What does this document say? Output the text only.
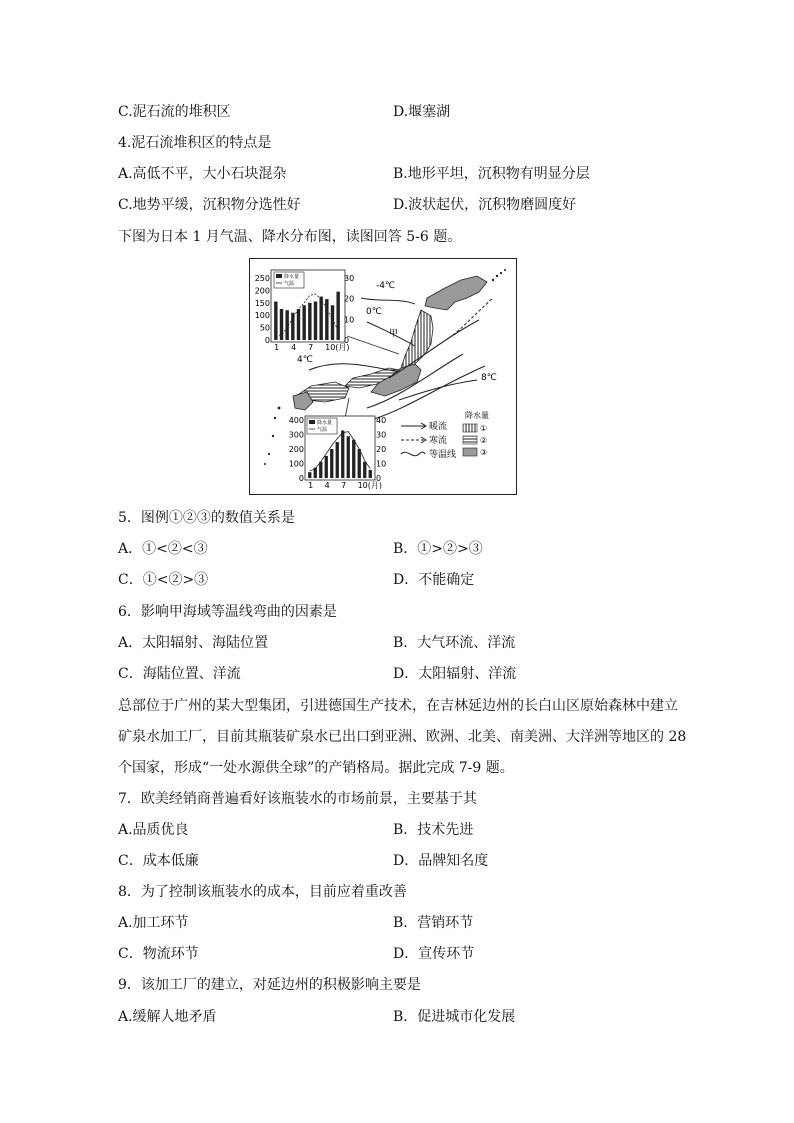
C.泥石流的堆积区	D.堰塞湖
4.泥石流堆积区的特点是
A.高低不平，大小石块混杂	B.地形平坦，沉积物有明显分层
C.地势平缓，沉积物分选性好	D.波状起伏，沉积物磨圆度好
下图为日本 1 月气温、降水分布图，读图回答 5-6 题。
-4℃
0℃
4℃
8℃
甲
降水量
气温
250
200
150
100
50
0
30
20
10
0
1 4 7 10(月)
降水量
气温
400
300
200
100
0
40
30
20
10
0
1 4 7 10(月)
暖流
寒流
等温线
降水量
①
②
③
5．图例①②③的数值关系是
A．①<②<③	B．①>②>③
C．①<②>③	D．不能确定
6．影响甲海域等温线弯曲的因素是
A．太阳辐射、海陆位置	B．大气环流、洋流
C．海陆位置、洋流	D．太阳辐射、洋流
总部位于广州的某大型集团，引进德国生产技术，在吉林延边州的长白山区原始森林中建立
矿泉水加工厂，目前其瓶装矿泉水已出口到亚洲、欧洲、北美、南美洲、大洋洲等地区的 28
个国家，形成“一处水源供全球”的产销格局。据此完成 7-9 题。
7．欧美经销商普遍看好该瓶装水的市场前景，主要基于其
A.品质优良	B．技术先进
C．成本低廉	D．品牌知名度
8．为了控制该瓶装水的成本，目前应着重改善
A.加工环节	B．营销环节
C．物流环节	D．宣传环节
9．该加工厂的建立，对延边州的积极影响主要是
A.缓解人地矛盾	B．促进城市化发展
